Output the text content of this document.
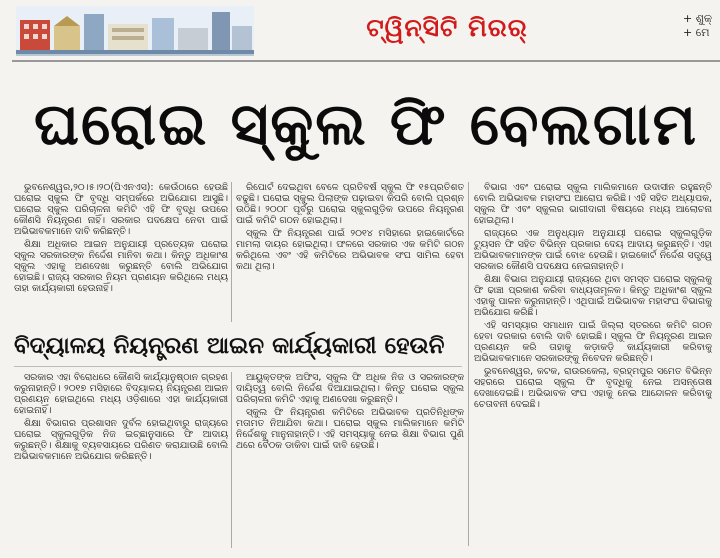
ଟ୍ୱିନ୍‌ସିଟି ମିରର୍	+ ଶୁକ୍
+ ମେ
ଘରୋଇ ସ୍କୁଲ ଫି ବେଲଗାମ

ଭୁବନେଶ୍ୱର,୨୦।୫।୨୦(ପିଏନଏସ): କେଉଁଠାରେ ହେଉଛି ଘରୋଇ ସ୍କୁଲ ଫି ବୃଦ୍ଧି ସମ୍ପର୍କରେ ଅଭିଯୋଗ ଆସୁଛି। ଘରୋଇ ସ୍କୁଲ ପରିଚାଳନା କମିଟି ଏହି ଫି ବୃଦ୍ଧି ଉପରେ କୌଣସି ନିୟନ୍ତ୍ରଣ ନାହିଁ। ସରକାର ପଦକ୍ଷେପ ନେବା ପାଇଁ ଅଭିଭାବକମାନେ ଦାବି କରିଛନ୍ତି।

ଶିକ୍ଷା ଅଧିକାର ଆଇନ ଅନୁଯାୟୀ ପ୍ରତ୍ୟେକ ଘରୋଇ ସ୍କୁଲ ସରକାରଙ୍କ ନିର୍ଦ୍ଦେଶ ମାନିବା କଥା। କିନ୍ତୁ ଅଧିକାଂଶ ସ୍କୁଲ ଏହାକୁ ଅଣଦେଖା କରୁଛନ୍ତି ବୋଲି ଅଭିଯୋଗ ହୋଇଛି। ରାଜ୍ୟ ସରକାର ନିୟମ ପ୍ରଣୟନ କରିଥିଲେ ମଧ୍ୟ ତାହା କାର୍ଯ୍ୟକାରୀ ହେଉନାହିଁ।

ରିପୋର୍ଟ ଦେଇଥିବା ବେଳେ ପ୍ରତିବର୍ଷ ସ୍କୁଲ ଫି ୧୫ପ୍ରତିଶତ ବଢୁଛି। ଘରୋଇ ସ୍କୁଲ ପିଲାଙ୍କ ପଢ଼ାଇବା କିପରି ବୋଲି ପ୍ରଶ୍ନ ଉଠିଛି। ୨୦୦୮ ପୂର୍ବରୁ ଘରୋଇ ସ୍କୁଲଗୁଡ଼ିକ ଉପରେ ନିୟନ୍ତ୍ରଣ ପାଇଁ କମିଟି ଗଠନ ହୋଇଥିଲା।

ସ୍କୁଲ ଫି ନିୟନ୍ତ୍ରଣ ପାଇଁ ୨୦୧୪ ମସିହାରେ ହାଇକୋର୍ଟରେ ମାମଲା ଦାୟର ହୋଇଥିଲା। ଫଳରେ ସରକାର ଏକ କମିଟି ଗଠନ କରିଥିଲେ ଏବଂ ଏହି କମିଟିରେ ଅଭିଭାବକ ସଂଘ ସାମିଲ ହେବା କଥା ଥିଲା।

ବିଭାଗ ଏବଂ ଘରୋଇ ସ୍କୁଲ ମାଲିକମାନେ ଉଦାସୀନ ରହୁଛନ୍ତି ବୋଲି ଅଭିଭାବକ ମହାସଂଘ ଆରୋପ କରିଛି। ଏହି ସହିତ ଅଧ୍ୟାପକ, ସ୍କୁଲ ଫି ଏବଂ ସ୍କୁଲର ଭାଗୀଦାରୀ ବିଷୟରେ ମଧ୍ୟ ଆଲୋଚନା ହୋଇଥିଲା।

ରାଜ୍ୟରେ ଏକ ଅନୁଧ୍ୟାନ ଅନୁଯାୟୀ ଘରୋଇ ସ୍କୁଲଗୁଡ଼ିକ ଟ୍ୟୁସନ ଫି ସହିତ ବିଭିନ୍ନ ପ୍ରକାର ଦେୟ ଆଦାୟ କରୁଛନ୍ତି। ଏହା ଅଭିଭାବକମାନଙ୍କ ପାଇଁ ବୋଝ ହେଉଛି। ହାଇକୋର୍ଟ ନିର୍ଦ୍ଦେଶ ସତ୍ତ୍ୱେ ସରକାର କୌଣସି ପଦକ୍ଷେପ ନେଇନାହାନ୍ତି।

ଶିକ୍ଷା ବିଭାଗ ଅନୁଯାୟୀ ରାଜ୍ୟରେ ଥିବା ସମସ୍ତ ଘରୋଇ ସ୍କୁଲକୁ ଫି ଢାଞ୍ଚା ପ୍ରକାଶ କରିବା ବାଧ୍ୟତାମୂଳକ। କିନ୍ତୁ ଅଧିକାଂଶ ସ୍କୁଲ ଏହାକୁ ପାଳନ କରୁନାହାନ୍ତି। ଏଥିପାଇଁ ଅଭିଭାବକ ମହାସଂଘ ବିଭାଗକୁ ଅଭିଯୋଗ କରିଛି।

ଏହି ସମସ୍ୟାର ସମାଧାନ ପାଇଁ ଜିଲ୍ଲା ସ୍ତରରେ କମିଟି ଗଠନ ହେବା ଦରକାର ବୋଲି ଦାବି ହୋଇଛି। ସ୍କୁଲ ଫି ନିୟନ୍ତ୍ରଣ ଆଇନ ପ୍ରଣୟନ କରି ତାହାକୁ କଡ଼ାକଡ଼ି କାର୍ଯ୍ୟକାରୀ କରିବାକୁ ଅଭିଭାବକମାନେ ସରକାରଙ୍କୁ ନିବେଦନ କରିଛନ୍ତି।

ଭୁବନେଶ୍ୱର, କଟକ, ରାଉରକେଲା, ବ୍ରହ୍ମପୁର ସମେତ ବିଭିନ୍ନ ସହରରେ ଘରୋଇ ସ୍କୁଲ ଫି ବୃଦ୍ଧିକୁ ନେଇ ଅସନ୍ତୋଷ ଦେଖାଦେଇଛି। ଅଭିଭାବକ ସଂଘ ଏହାକୁ ନେଇ ଆନ୍ଦୋଳନ କରିବାକୁ ଚେତାବନୀ ଦେଇଛି।

ବିଦ୍ୟାଳୟ ନିୟନ୍ତ୍ରଣ ଆଇନ କାର୍ଯ୍ୟକାରୀ ହେଉନି

ସରକାର ଏହା ବିରୋଧରେ କୌଣସି କାର୍ଯ୍ୟାନୁଷ୍ଠାନ ଗ୍ରହଣ କରୁନାହାନ୍ତି। ୨୦୧୭ ମସିହାରେ ବିଦ୍ୟାଳୟ ନିୟନ୍ତ୍ରଣ ଆଇନ ପ୍ରଣୟନ ହୋଇଥିଲେ ମଧ୍ୟ ଓଡ଼ିଶାରେ ଏହା କାର୍ଯ୍ୟକାରୀ ହୋଇନାହିଁ।

ଶିକ୍ଷା ବିଭାଗର ପ୍ରଶାସନ ଦୁର୍ବଳ ହୋଇଥିବାରୁ ରାଜ୍ୟରେ ଘରୋଇ ସ୍କୁଲଗୁଡ଼ିକ ନିଜ ଇଚ୍ଛାନୁସାରେ ଫି ଆଦାୟ କରୁଛନ୍ତି। ଶିକ୍ଷାକୁ ବ୍ୟବସାୟରେ ପରିଣତ କରାଯାଉଛି ବୋଲି ଅଭିଭାବକମାନେ ଅଭିଯୋଗ କରିଛନ୍ତି।

ଆୟୁକ୍ତଙ୍କ ଅଫିସ, ସ୍କୁଲ ଫି ଅଧିକ ନିଜ ଓ ସରକାରଙ୍କ ଦାୟିତ୍ୱ ବୋଲି ନିର୍ଦ୍ଦେଶ ଦିଆଯାଇଥିଲା। କିନ୍ତୁ ଘରୋଇ ସ୍କୁଲ ପରିଚାଳନା କମିଟି ଏହାକୁ ଅଣଦେଖା କରୁଛନ୍ତି।

ସ୍କୁଲ ଫି ନିୟନ୍ତ୍ରଣ କମିଟିରେ ଅଭିଭାବକ ପ୍ରତିନିଧିଙ୍କ ମତାମତ ନିଆଯିବା କଥା। ଘରୋଇ ସ୍କୁଲ ମାଲିକମାନେ କମିଟି ନିର୍ଦ୍ଦେଶକୁ ମାନୁନାହାନ୍ତି। ଏହି ସମସ୍ୟାକୁ ନେଇ ଶିକ୍ଷା ବିଭାଗ ପୁଣି ଥରେ ବୈଠକ ଡାକିବା ପାଇଁ ଦାବି ହେଉଛି।
